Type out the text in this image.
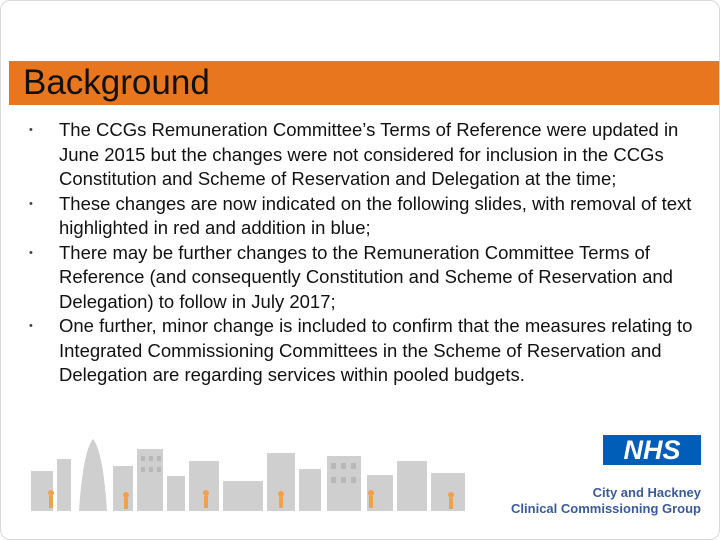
Background
• The CCGs Remuneration Committee’s Terms of Reference were updated in June 2015 but the changes were not considered for inclusion in the CCGs Constitution and Scheme of Reservation and Delegation at the time;
• These changes are now indicated on the following slides, with removal of text highlighted in red and addition in blue;
• There may be further changes to the Remuneration Committee Terms of Reference (and consequently Constitution and Scheme of Reservation and Delegation) to follow in July 2017;
• One further, minor change is included to confirm that the measures relating to Integrated Commissioning Committees in the Scheme of Reservation and Delegation are regarding services within pooled budgets.
NHS
City and Hackney
Clinical Commissioning Group
